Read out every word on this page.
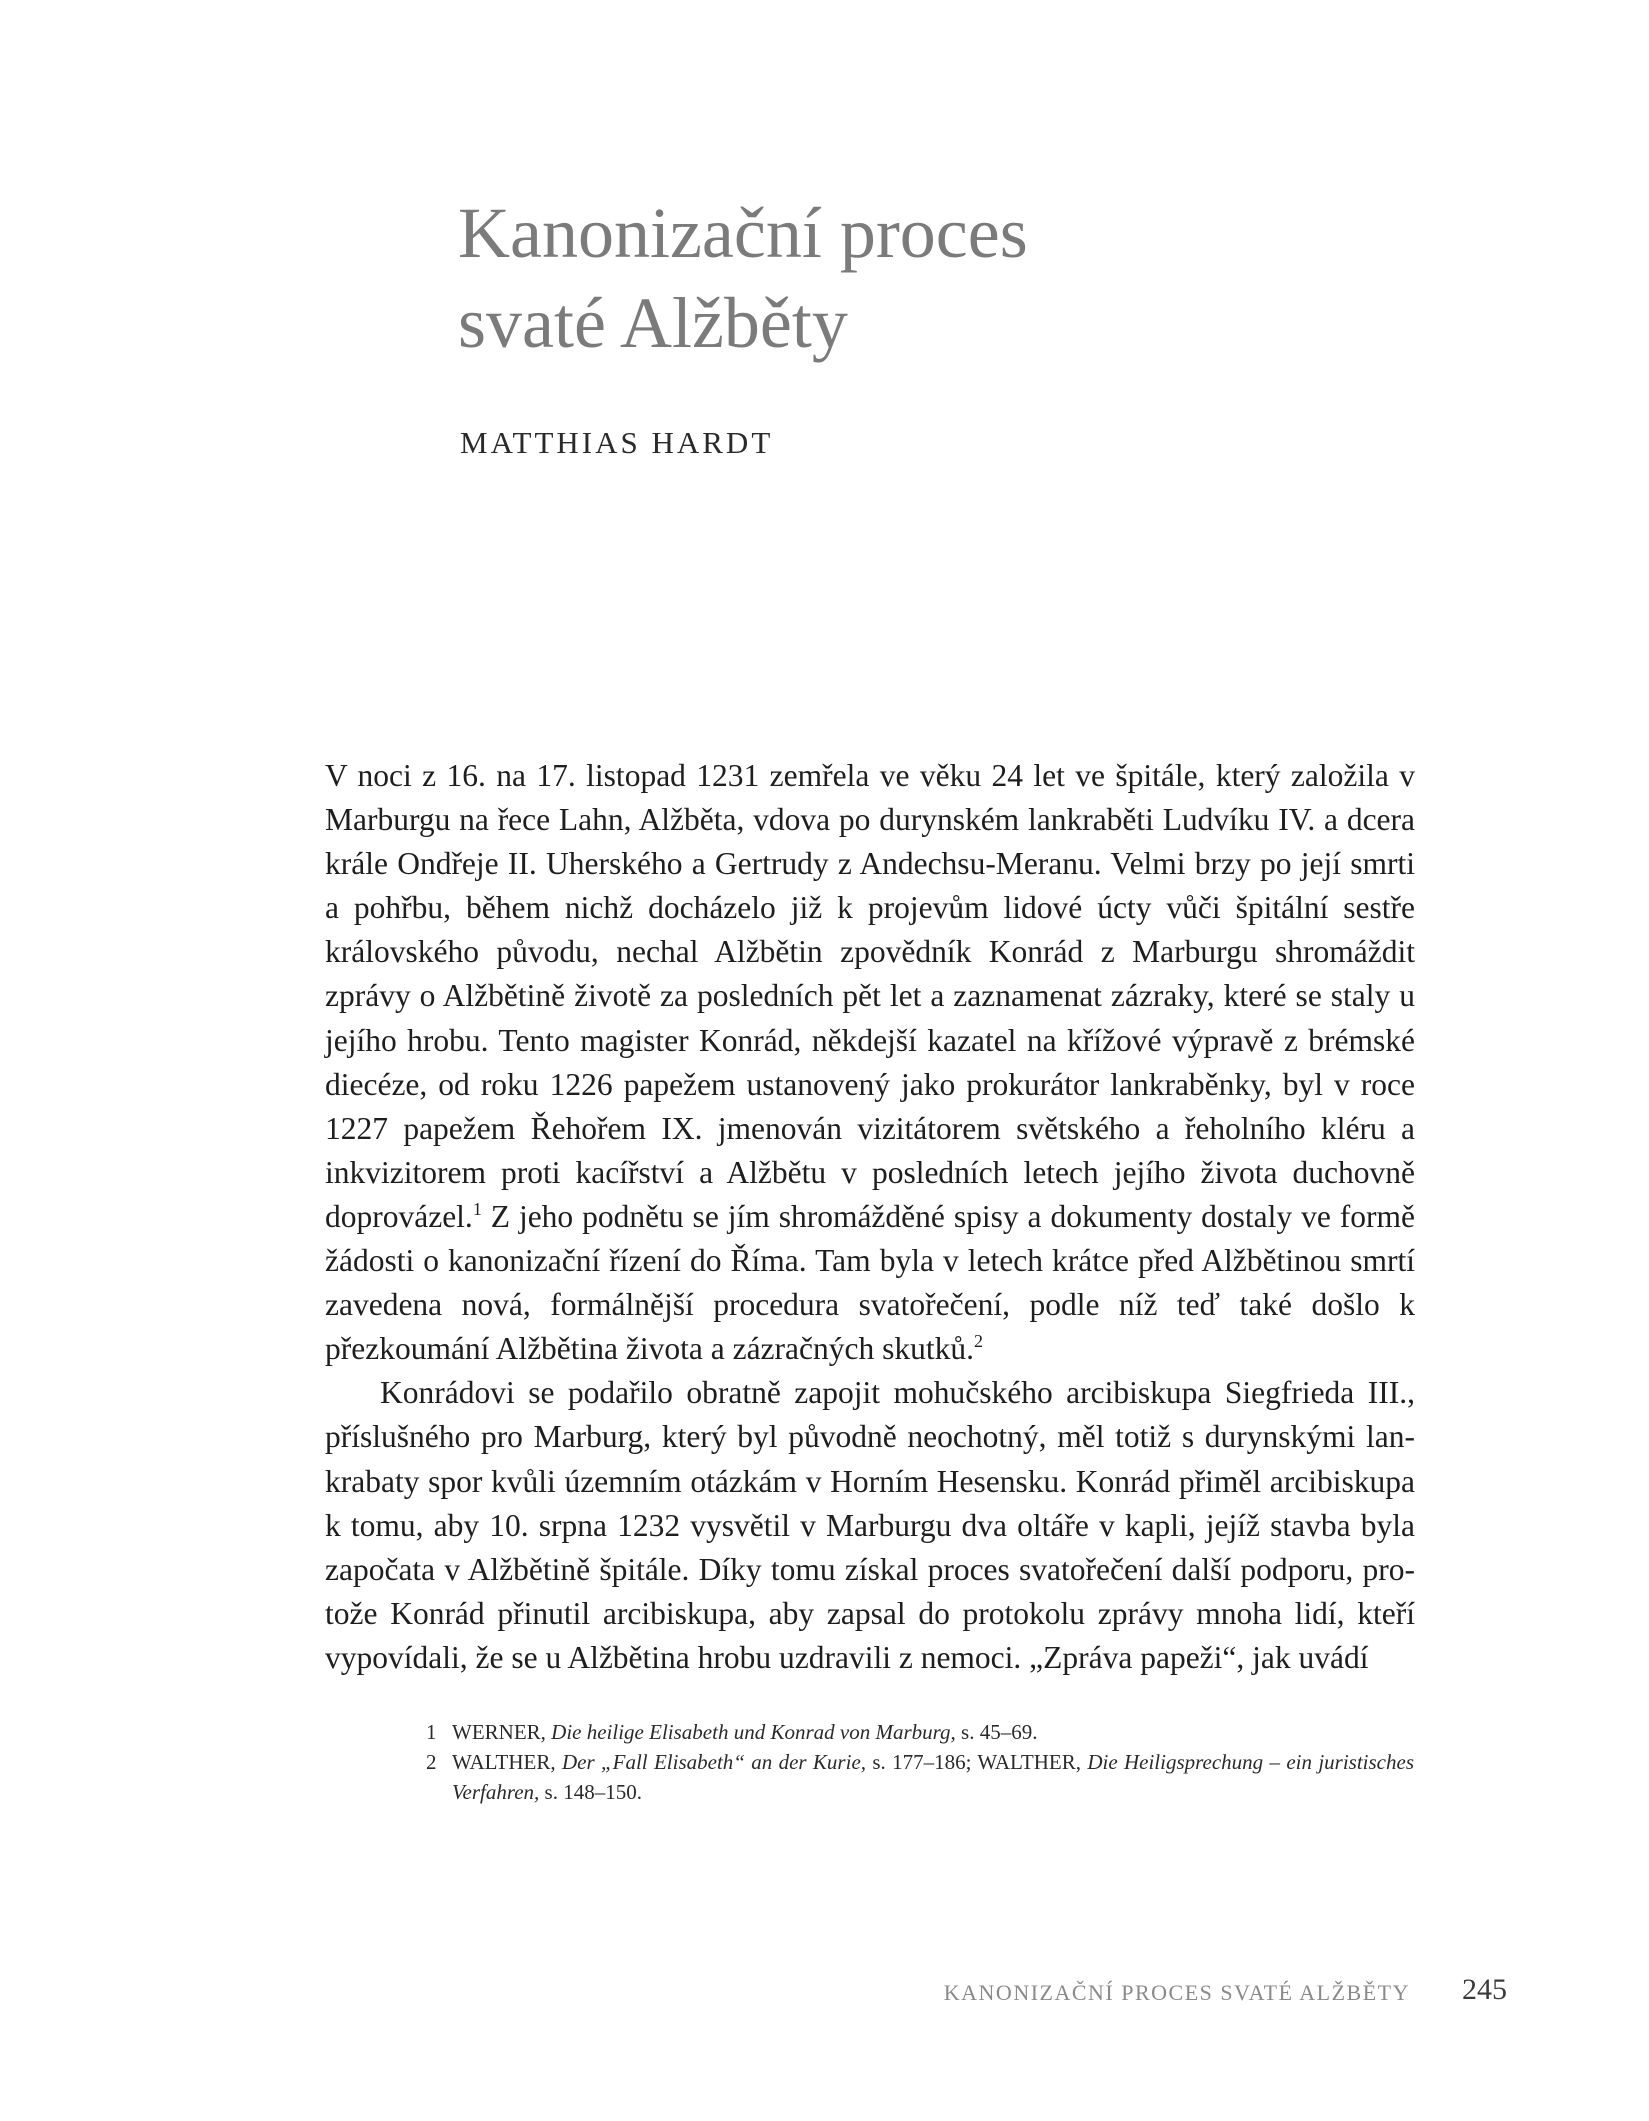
Kanonizační proces
svaté Alžběty
MATTHIAS HARDT

V noci z 16. na 17. listopad 1231 zemřela ve věku 24 let ve špitále, který založila v Marburgu na řece Lahn, Alžběta, vdova po durynském lankraběti Ludvíku IV. a dcera krále Ondřeje II. Uherského a Gertrudy z Andechsu-Meranu. Velmi brzy po její smrti a pohřbu, během nichž docházelo již k projevům lidové úcty vůči špitální sestře královského původu, nechal Alžbětin zpovědník Konrád z Marburgu shromáždit zprávy o Alžbětině životě za posledních pět let a zaznamenat zázraky, které se staly u jejího hrobu. Tento magister Konrád, někdejší kazatel na křížové výpravě z brémské diecéze, od roku 1226 papežem ustanovený jako prokurátor lankraběnky, byl v roce 1227 papežem Řehořem IX. jmenován vizitátorem světského a řeholního kléru a inkvizitorem proti kacířství a Alžbětu v posledních letech jejího života duchovně doprovázel.$^1$ Z jeho podnětu se jím shromážděné spisy a dokumenty dostaly ve formě žádosti o kanonizační řízení do Říma. Tam byla v letech krátce před Alžbětinou smrtí zavedena nová, formálnější procedura svatořečení, podle níž teď také došlo k přezkoumání Alžbětina života a zázračných skutků.$^2$

Konrádovi se podařilo obratně zapojit mohučského arcibiskupa Siegfrieda III., příslušného pro Marburg, který byl původně neochotný, měl totiž s durynskými lankrabaty spor kvůli územním otázkám v Horním Hesensku. Konrád přiměl arcibiskupa k tomu, aby 10. srpna 1232 vysvětil v Marburgu dva oltáře v kapli, jejíž stavba byla započata v Alžbětině špitále. Díky tomu získal proces svatořečení další podporu, protože Konrád přinutil arcibiskupa, aby zapsal do protokolu zprávy mnoha lidí, kteří vypovídali, že se u Alžbětina hrobu uzdravili z nemoci. „Zpráva papeži“, jak uvádí

1 WERNER, Die heilige Elisabeth und Konrad von Marburg, s. 45–69.

2 WALTHER, Der „Fall Elisabeth“ an der Kurie, s. 177–186; WALTHER, Die Heiligsprechung – ein juristisches Verfahren, s. 148–150.

KANONIZAČNÍ PROCES SVATÉ ALŽBĚTY 245
